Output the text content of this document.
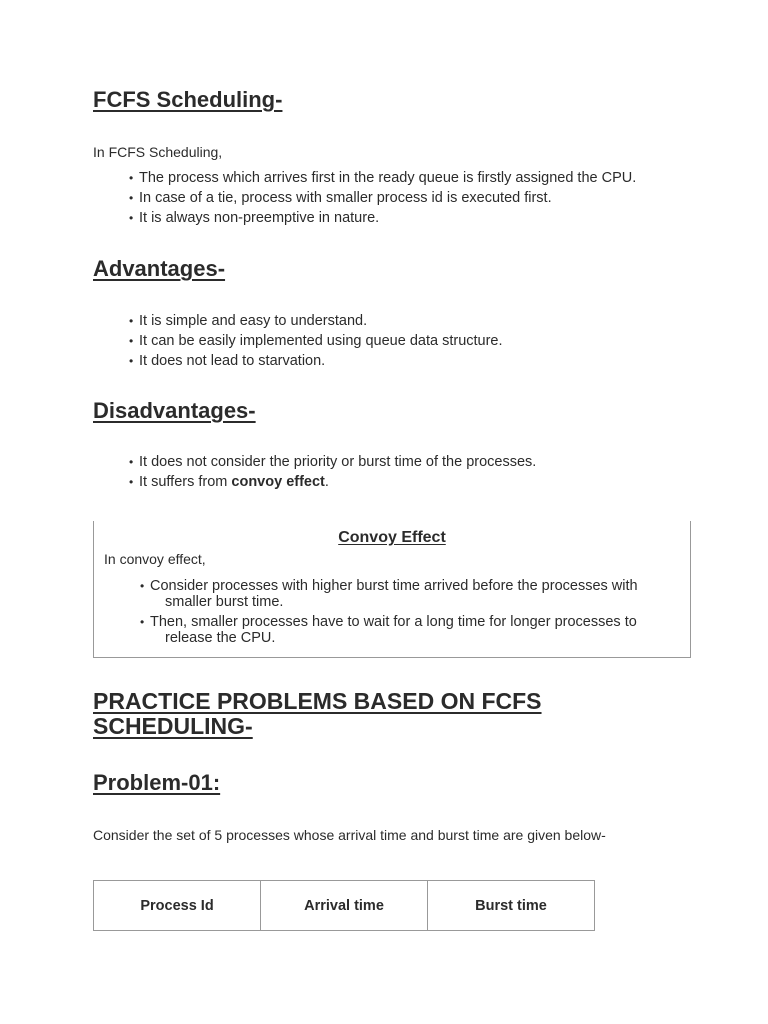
FCFS Scheduling-
In FCFS Scheduling,
• The process which arrives first in the ready queue is firstly assigned the CPU.
• In case of a tie, process with smaller process id is executed first.
• It is always non-preemptive in nature.
Advantages-
• It is simple and easy to understand.
• It can be easily implemented using queue data structure.
• It does not lead to starvation.
Disadvantages-
• It does not consider the priority or burst time of the processes.
• It suffers from convoy effect.
Convoy Effect
In convoy effect,
• Consider processes with higher burst time arrived before the processes with
smaller burst time.
• Then, smaller processes have to wait for a long time for longer processes to
release the CPU.
PRACTICE PROBLEMS BASED ON FCFS SCHEDULING-
Problem-01:
Consider the set of 5 processes whose arrival time and burst time are given below-
Process Id	Arrival time	Burst time
